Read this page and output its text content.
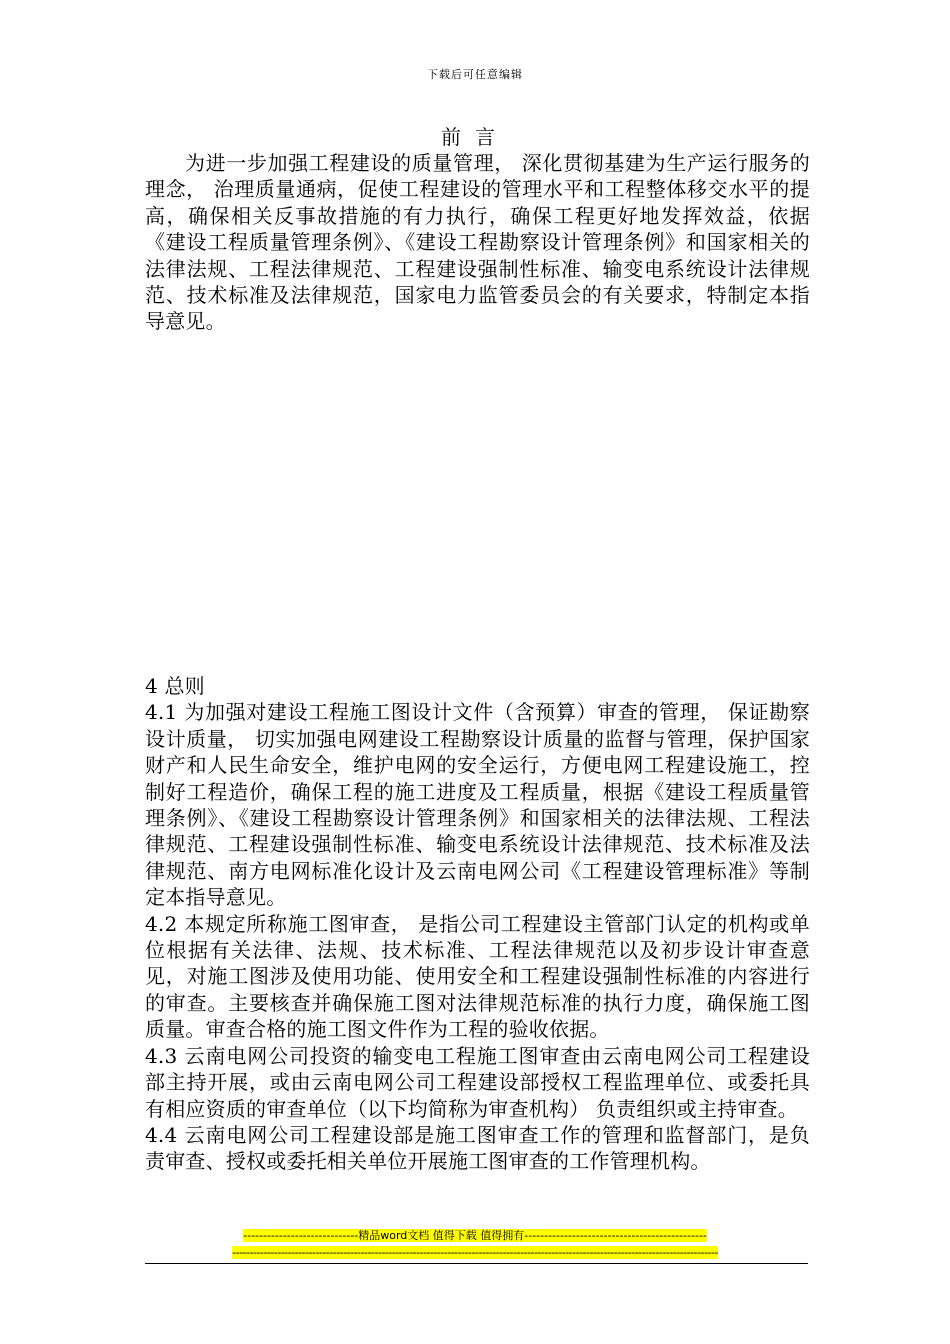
下载后可任意编辑
前言
为进一步加强工程建设的质量管理， 深化贯彻基建为生产运行服务的理念， 治理质量通病，促使工程建设的管理水平和工程整体移交水平的提高，确保相关反事故措施的有力执行，确保工程更好地发挥效益，依据《建设工程质量管理条例》、《建设工程勘察设计管理条例》和国家相关的法律法规、工程法律规范、工程建设强制性标准、输变电系统设计法律规范、技术标准及法律规范，国家电力监管委员会的有关要求，特制定本指导意见。

4 总则

4.1 为加强对建设工程施工图设计文件（含预算）审查的管理， 保证勘察设计质量， 切实加强电网建设工程勘察设计质量的监督与管理，保护国家财产和人民生命安全，维护电网的安全运行，方便电网工程建设施工，控制好工程造价，确保工程的施工进度及工程质量，根据《建设工程质量管理条例》、《建设工程勘察设计管理条例》和国家相关的法律法规、工程法律规范、工程建设强制性标准、输变电系统设计法律规范、技术标准及法律规范、南方电网标准化设计及云南电网公司《工程建设管理标准》等制定本指导意见。

4.2 本规定所称施工图审查， 是指公司工程建设主管部门认定的机构或单位根据有关法律、法规、技术标准、工程法律规范以及初步设计审查意见，对施工图涉及使用功能、使用安全和工程建设强制性标准的内容进行的审查。主要核查并确保施工图对法律规范标准的执行力度，确保施工图质量。审查合格的施工图文件作为工程的验收依据。

4.3 云南电网公司投资的输变电工程施工图审查由云南电网公司工程建设部主持开展，或由云南电网公司工程建设部授权工程监理单位、或委托具有相应资质的审查单位（以下均简称为审查机构） 负责组织或主持审查。

4.4 云南电网公司工程建设部是施工图审查工作的管理和监督部门，是负责审查、授权或委托相关单位开展施工图审查的工作管理机构。

-----------------------------精品word文档 值得下载 值得拥有----------------------------------------------
--------------------------------------------------------------------------------------------------------------------------------------------
